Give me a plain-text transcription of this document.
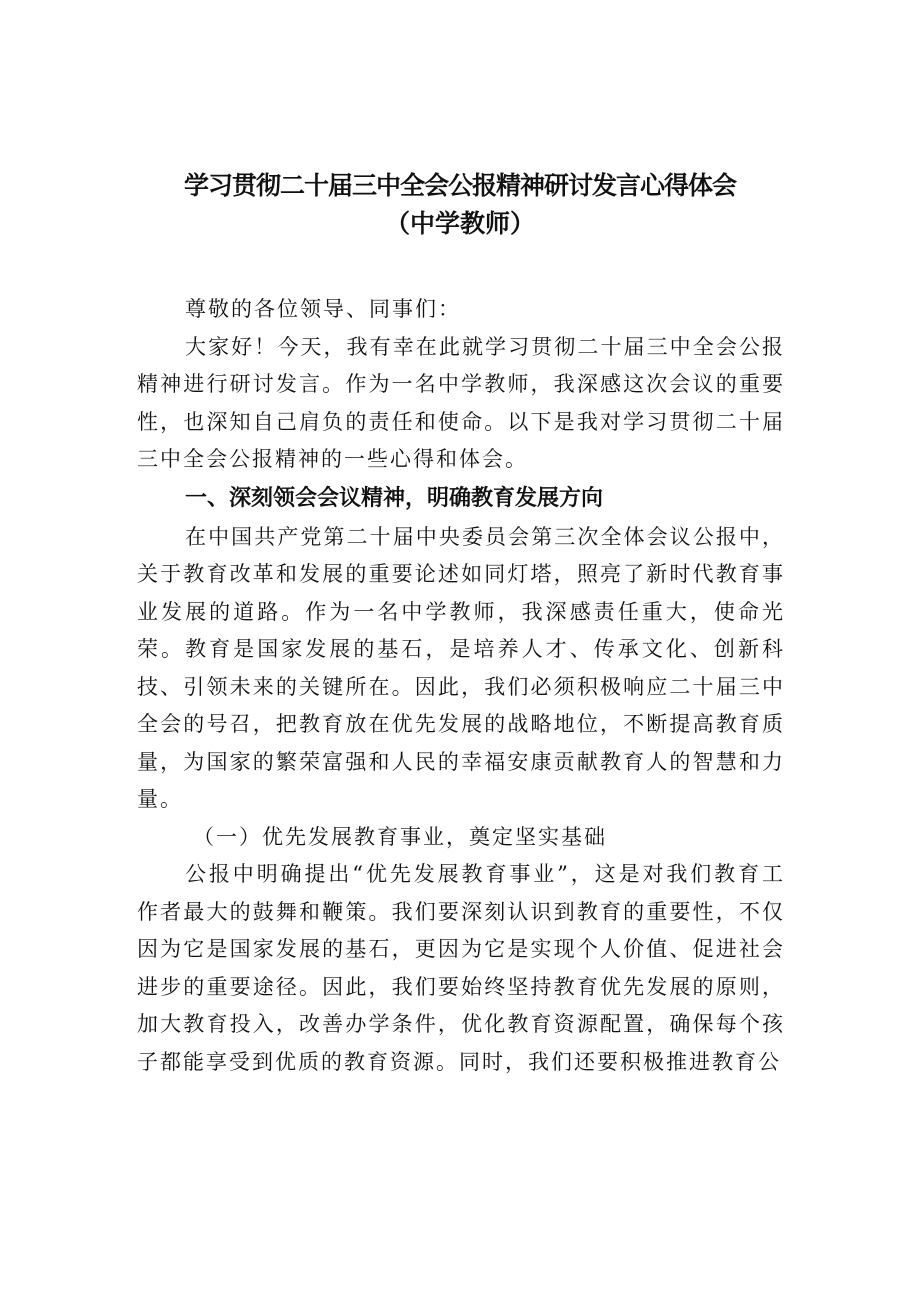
学习贯彻二十届三中全会公报精神研讨发言心得体会
（中学教师）

尊敬的各位领导、同事们：

大家好！今天，我有幸在此就学习贯彻二十届三中全会公报精神进行研讨发言。作为一名中学教师，我深感这次会议的重要性，也深知自己肩负的责任和使命。以下是我对学习贯彻二十届三中全会公报精神的一些心得和体会。

一、深刻领会会议精神，明确教育发展方向

在中国共产党第二十届中央委员会第三次全体会议公报中，关于教育改革和发展的重要论述如同灯塔，照亮了新时代教育事业发展的道路。作为一名中学教师，我深感责任重大，使命光荣。教育是国家发展的基石，是培养人才、传承文化、创新科技、引领未来的关键所在。因此，我们必须积极响应二十届三中全会的号召，把教育放在优先发展的战略地位，不断提高教育质量，为国家的繁荣富强和人民的幸福安康贡献教育人的智慧和力量。

（一）优先发展教育事业，奠定坚实基础

公报中明确提出“优先发展教育事业”，这是对我们教育工作者最大的鼓舞和鞭策。我们要深刻认识到教育的重要性，不仅因为它是国家发展的基石，更因为它是实现个人价值、促进社会进步的重要途径。因此，我们要始终坚持教育优先发展的原则，加大教育投入，改善办学条件，优化教育资源配置，确保每个孩子都能享受到优质的教育资源。同时，我们还要积极推进教育公
